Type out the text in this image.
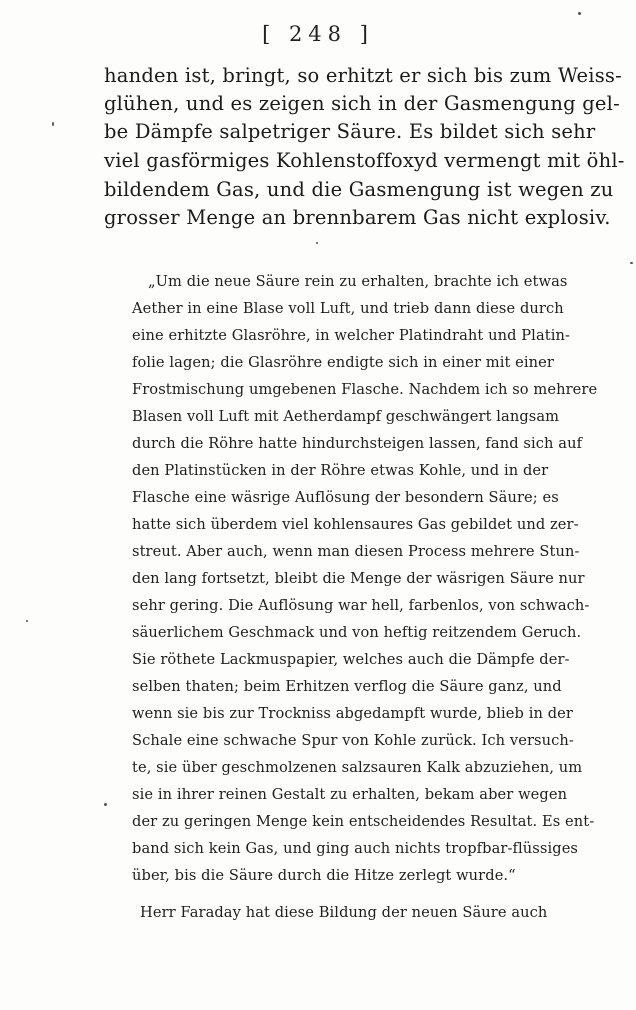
[ 248 ]
handen ist, bringt, so erhitzt er sich bis zum Weiss-
glühen, und es zeigen sich in der Gasmengung gel-
be Dämpfe salpetriger Säure. Es bildet sich sehr
viel gasförmiges Kohlenstoffoxyd vermengt mit öhl-
bildendem Gas, und die Gasmengung ist wegen zu
grosser Menge an brennbarem Gas nicht explosiv.
„Um die neue Säure rein zu erhalten, brachte ich etwas
Aether in eine Blase voll Luft, und trieb dann diese durch
eine erhitzte Glasröhre, in welcher Platindraht und Platin-
folie lagen; die Glasröhre endigte sich in einer mit einer
Frostmischung umgebenen Flasche. Nachdem ich so mehrere
Blasen voll Luft mit Aetherdampf geschwängert langsam
durch die Röhre hatte hindurchsteigen lassen, fand sich auf
den Platinstücken in der Röhre etwas Kohle, und in der
Flasche eine wäsrige Auflösung der besondern Säure; es
hatte sich überdem viel kohlensaures Gas gebildet und zer-
streut. Aber auch, wenn man diesen Process mehrere Stun-
den lang fortsetzt, bleibt die Menge der wäsrigen Säure nur
sehr gering. Die Auflösung war hell, farbenlos, von schwach-
säuerlichem Geschmack und von heftig reitzendem Geruch.
Sie röthete Lackmuspapier, welches auch die Dämpfe der-
selben thaten; beim Erhitzen verflog die Säure ganz, und
wenn sie bis zur Trockniss abgedampft wurde, blieb in der
Schale eine schwache Spur von Kohle zurück. Ich versuch-
te, sie über geschmolzenen salzsauren Kalk abzuziehen, um
sie in ihrer reinen Gestalt zu erhalten, bekam aber wegen
der zu geringen Menge kein entscheidendes Resultat. Es ent-
band sich kein Gas, und ging auch nichts tropfbar-flüssiges
über, bis die Säure durch die Hitze zerlegt wurde.“
Herr Faraday hat diese Bildung der neuen Säure auch
